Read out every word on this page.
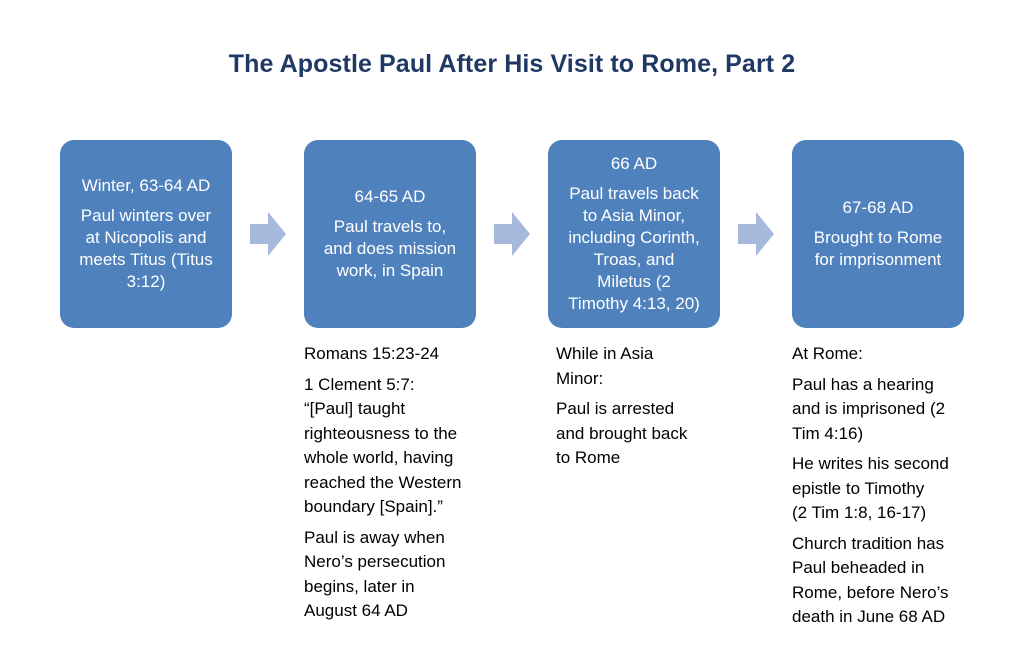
The Apostle Paul After His Visit to Rome, Part 2
Winter, 63-64 AD
Paul winters over
at Nicopolis and
meets Titus (Titus
3:12)
64-65 AD
Paul travels to,
and does mission
work, in Spain
66 AD
Paul travels back
to Asia Minor,
including Corinth,
Troas, and
Miletus (2
Timothy 4:13, 20)
67-68 AD
Brought to Rome
for imprisonment

Romans 15:23-24

1 Clement 5:7:
“[Paul] taught
righteousness to the
whole world, having
reached the Western
boundary [Spain].”

Paul is away when
Nero’s persecution
begins, later in
August 64 AD

While in Asia
Minor:

Paul is arrested
and brought back
to Rome

At Rome:

Paul has a hearing
and is imprisoned (2
Tim 4:16)

He writes his second
epistle to Timothy
(2 Tim 1:8, 16-17)

Church tradition has
Paul beheaded in
Rome, before Nero’s
death in June 68 AD
